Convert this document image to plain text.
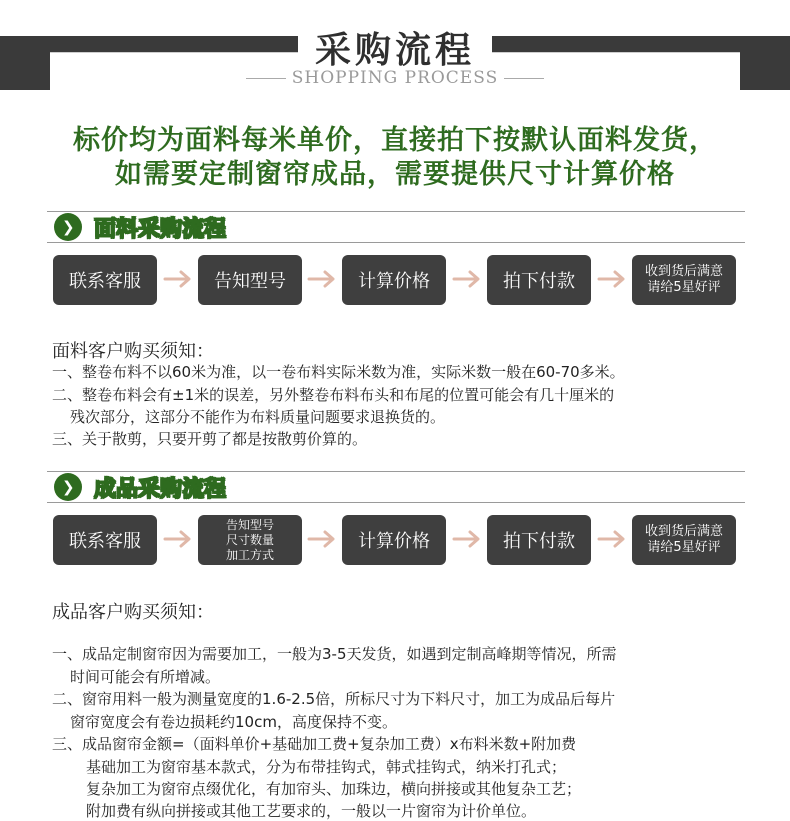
采购流程
SHOPPING PROCESS
标价均为面料每米单价，直接拍下按默认面料发货，
如需要定制窗帘成品，需要提供尺寸计算价格
❯ 面料采购流程
联系客服	告知型号	计算价格	拍下付款	收到货后满意
请给5星好评
面料客户购买须知：
一、整卷布料不以60米为准，以一卷布料实际米数为准，实际米数一般在60-70多米。
二、整卷布料会有±1米的误差，另外整卷布料布头和布尾的位置可能会有几十厘米的
残次部分，这部分不能作为布料质量问题要求退换货的。
三、关于散剪，只要开剪了都是按散剪价算的。
❯ 成品采购流程
联系客服
告知型号
尺寸数量
加工方式
计算价格	拍下付款	收到货后满意
请给5星好评
成品客户购买须知：
一、成品定制窗帘因为需要加工，一般为3-5天发货，如遇到定制高峰期等情况，所需
时间可能会有所增减。
二、窗帘用料一般为测量宽度的1.6-2.5倍，所标尺寸为下料尺寸，加工为成品后每片
窗帘宽度会有卷边损耗约10cm，高度保持不变。
三、成品窗帘金额=（面料单价+基础加工费+复杂加工费）x布料米数+附加费
基础加工为窗帘基本款式，分为布带挂钩式，韩式挂钩式，纳米打孔式；
复杂加工为窗帘点缀优化，有加帘头、加珠边，横向拼接或其他复杂工艺；
附加费有纵向拼接或其他工艺要求的，一般以一片窗帘为计价单位。
